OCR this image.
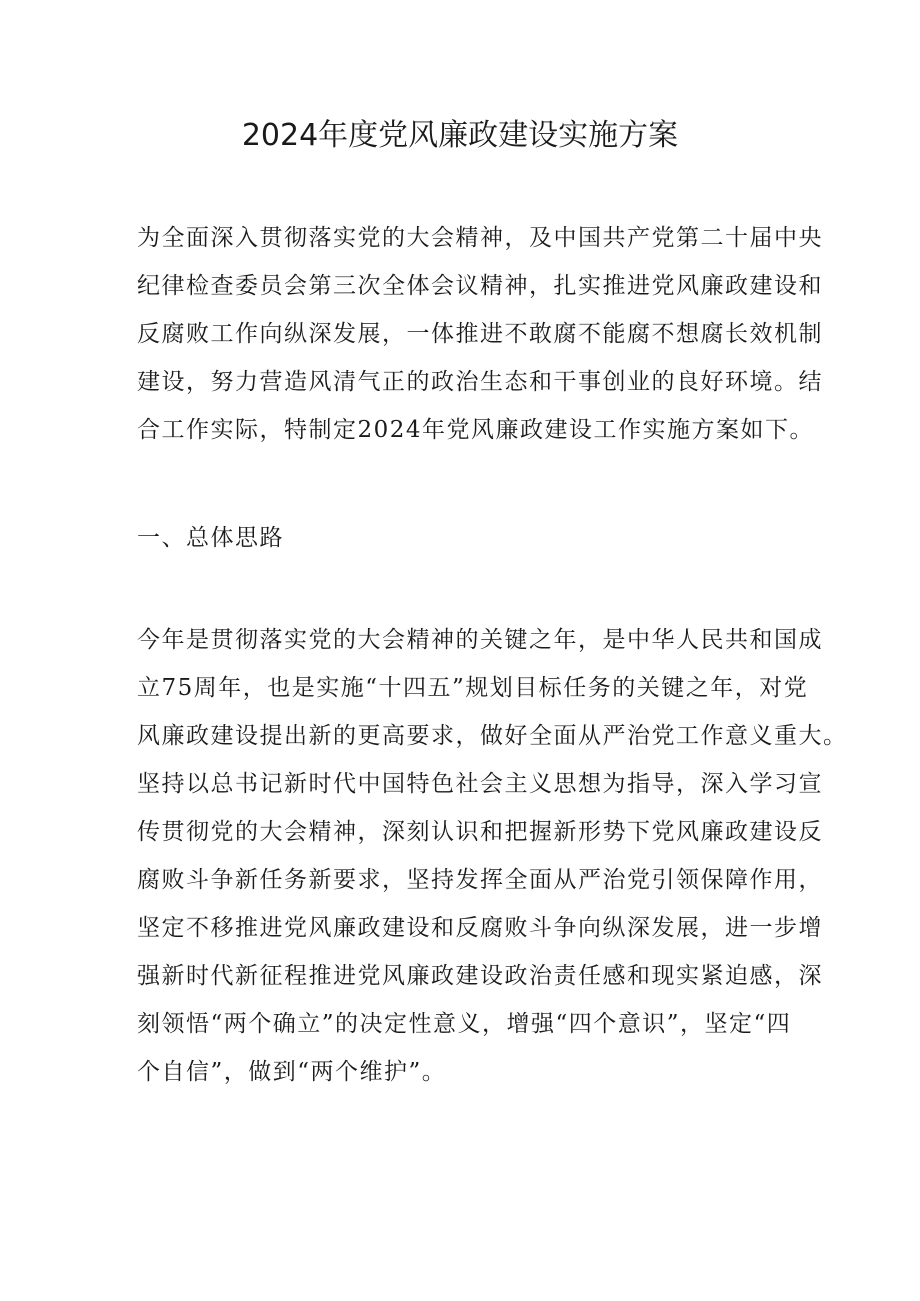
2024年度党风廉政建设实施方案

为全面深入贯彻落实党的大会精神，及中国共产党第二十届中央
纪律检查委员会第三次全体会议精神，扎实推进党风廉政建设和
反腐败工作向纵深发展，一体推进不敢腐不能腐不想腐长效机制
建设，努力营造风清气正的政治生态和干事创业的良好环境。结
合工作实际，特制定2024年党风廉政建设工作实施方案如下。

一、总体思路

今年是贯彻落实党的大会精神的关键之年，是中华人民共和国成
立75周年，也是实施“十四五”规划目标任务的关键之年，对党
风廉政建设提出新的更高要求，做好全面从严治党工作意义重大。
坚持以总书记新时代中国特色社会主义思想为指导，深入学习宣
传贯彻党的大会精神，深刻认识和把握新形势下党风廉政建设反
腐败斗争新任务新要求，坚持发挥全面从严治党引领保障作用，
坚定不移推进党风廉政建设和反腐败斗争向纵深发展，进一步增
强新时代新征程推进党风廉政建设政治责任感和现实紧迫感，深
刻领悟“两个确立”的决定性意义，增强“四个意识”，坚定“四
个自信”，做到“两个维护”。
